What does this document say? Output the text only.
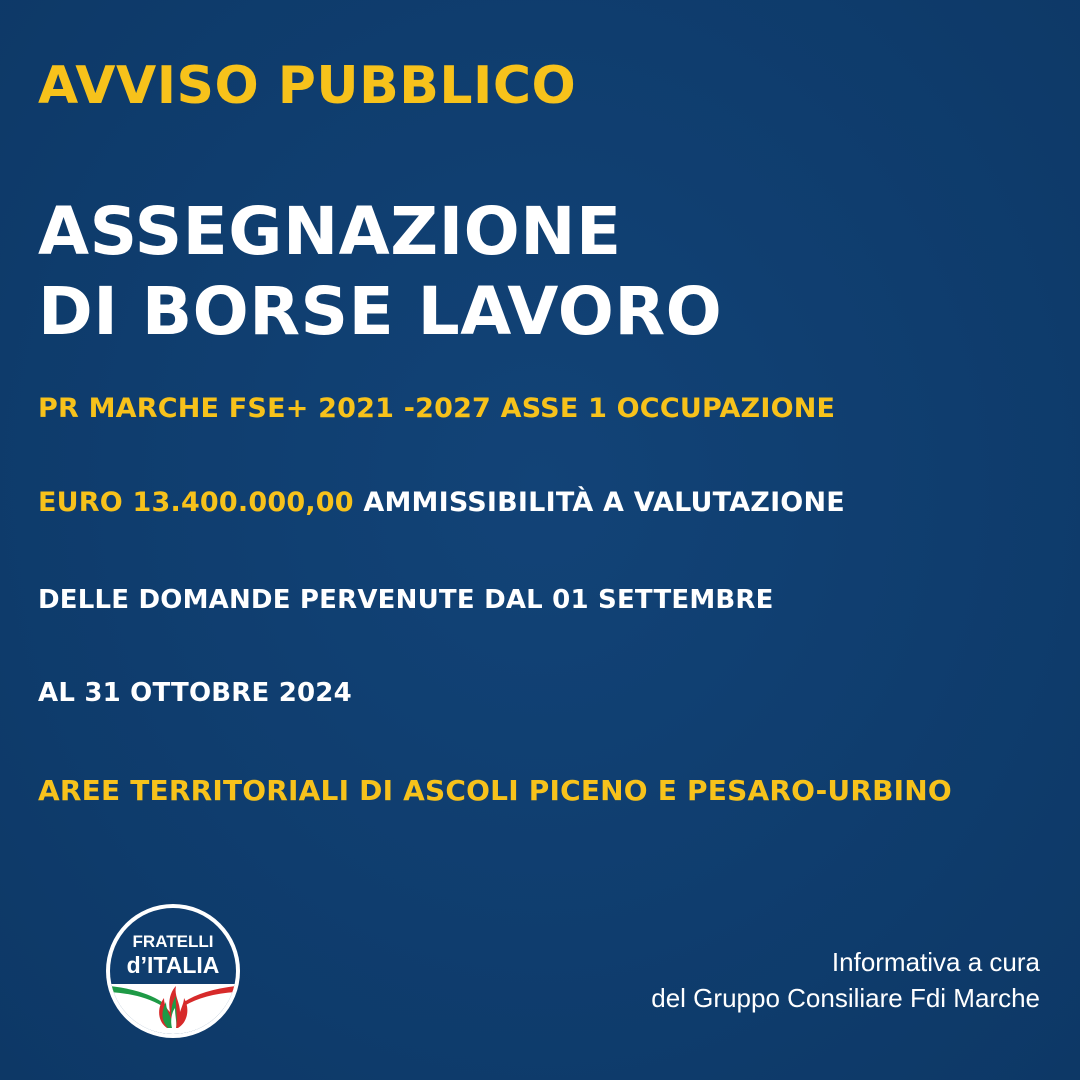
AVVISO PUBBLICO

ASSEGNAZIONE
DI BORSE LAVORO

PR MARCHE FSE+ 2021 -2027 ASSE 1 OCCUPAZIONE

EURO 13.400.000,00 AMMISSIBILITÀ A VALUTAZIONE

DELLE DOMANDE PERVENUTE DAL 01 SETTEMBRE

AL 31 OTTOBRE 2024

AREE TERRITORIALI DI ASCOLI PICENO E PESARO-URBINO

FRATELLI
d’ITALIA	Informativa a cura
del Gruppo Consiliare Fdi Marche
